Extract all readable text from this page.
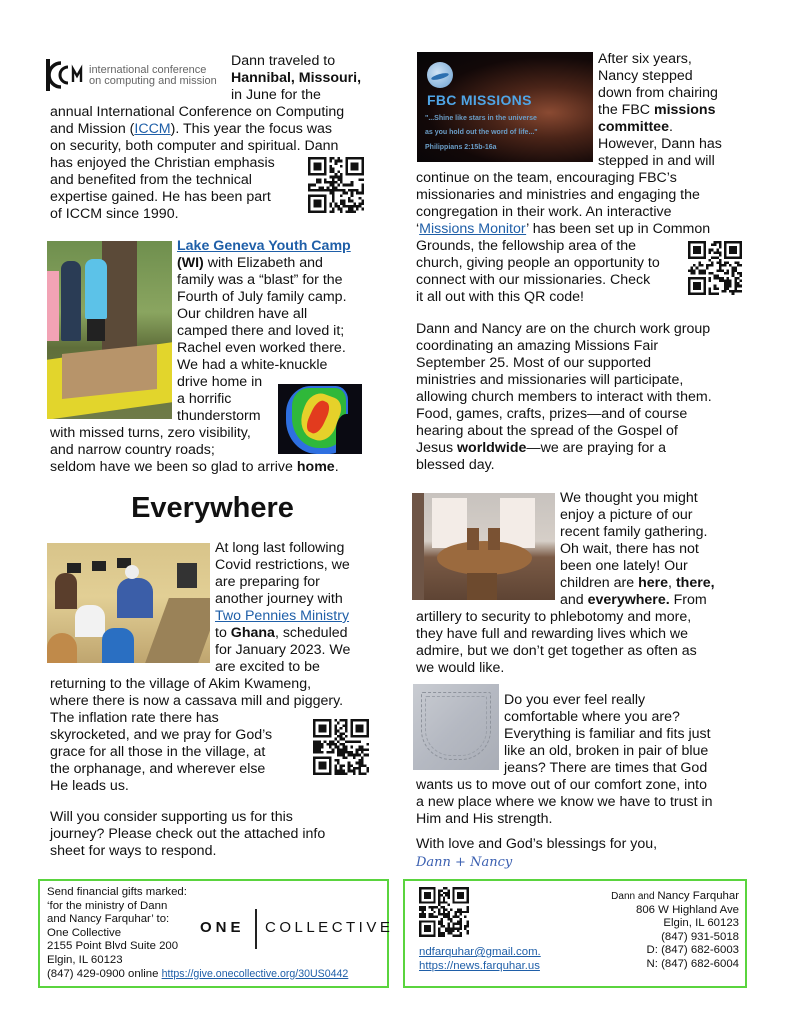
international conference
on computing and mission
Dann traveled to
Hannibal, Missouri,
in June for the
annual International Conference on Computing
and Mission (ICCM). This year the focus was
on security, both computer and spiritual. Dann
has enjoyed the Christian emphasis
and benefited from the technical
expertise gained. He has been part
of ICCM since 1990.
Lake Geneva Youth Camp
(WI) with Elizabeth and
family was a “blast” for the
Fourth of July family camp.
Our children have all
camped there and loved it;
Rachel even worked there.
We had a white-knuckle
drive home in
a horrific
thunderstorm
with missed turns, zero visibility,
and narrow country roads;
seldom have we been so glad to arrive home.
Everywhere
At long last following
Covid restrictions, we
are preparing for
another journey with
Two Pennies Ministry
to Ghana, scheduled
for January 2023. We
are excited to be
returning to the village of Akim Kwameng,
where there is now a cassava mill and piggery.
The inflation rate there has
skyrocketed, and we pray for God’s
grace for all those in the village, at
the orphanage, and wherever else
He leads us.
Will you consider supporting us for this
journey? Please check out the attached info
sheet for ways to respond.
FBC MISSIONS
"...Shine like stars in the universe
as you hold out the word of life..."
Philippians 2:15b-16a
After six years,
Nancy stepped
down from chairing
the FBC missions
committee.
However, Dann has
stepped in and will
continue on the team, encouraging FBC’s
missionaries and ministries and engaging the
congregation in their work. An interactive
‘Missions Monitor’ has been set up in Common
Grounds, the fellowship area of the
church, giving people an opportunity to
connect with our missionaries. Check
it all out with this QR code!
Dann and Nancy are on the church work group
coordinating an amazing Missions Fair
September 25. Most of our supported
ministries and missionaries will participate,
allowing church members to interact with them.
Food, games, crafts, prizes—and of course
hearing about the spread of the Gospel of
Jesus worldwide—we are praying for a
blessed day.
We thought you might
enjoy a picture of our
recent family gathering.
Oh wait, there has not
been one lately! Our
children are here, there,
and everywhere. From
artillery to security to phlebotomy and more,
they have full and rewarding lives which we
admire, but we don’t get together as often as
we would like.
Do you ever feel really
comfortable where you are?
Everything is familiar and fits just
like an old, broken in pair of blue
jeans? There are times that God
wants us to move out of our comfort zone, into
a new place where we know we have to trust in
Him and His strength.
With love and God’s blessings for you,
Dann + Nancy
Send financial gifts marked:
‘for the ministry of Dann
and Nancy Farquhar’ to:
One Collective
2155 Point Blvd Suite 200
Elgin, IL 60123
(847) 429-0900 online https://give.onecollective.org/30US0442
ONE COLLECTIVE
ndfarquhar@gmail.com.
https://news.farquhar.us
Dann and Nancy Farquhar
806 W Highland Ave
Elgin, IL 60123
(847) 931-5018
D: (847) 682-6003
N: (847) 682-6004
